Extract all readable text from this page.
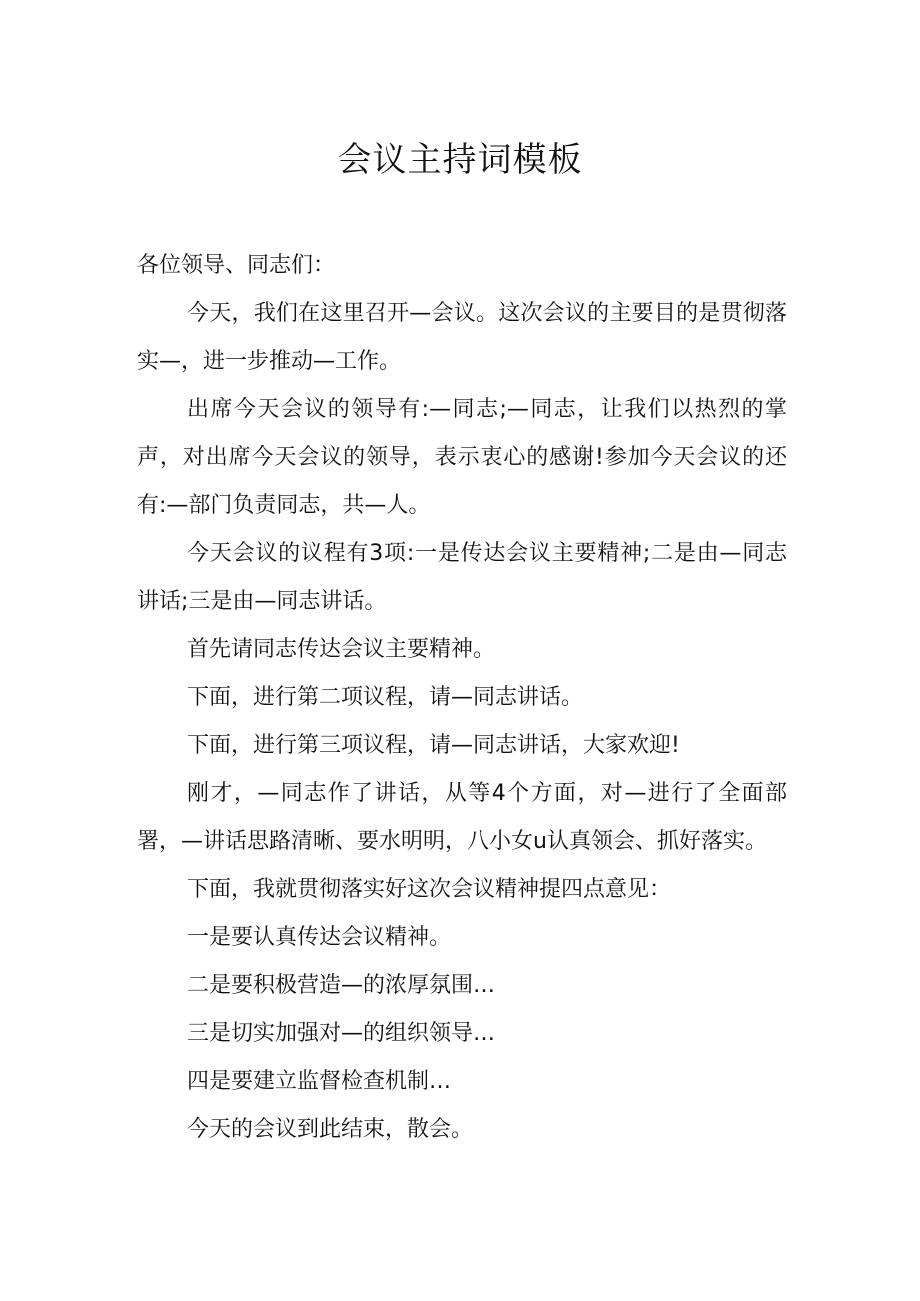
会议主持词模板

各位领导、同志们：

今天，我们在这里召开—会议。这次会议的主要目的是贯彻落实—，进一步推动—工作。

出席今天会议的领导有:—同志;—同志，让我们以热烈的掌声，对出席今天会议的领导，表示衷心的感谢!参加今天会议的还有:—部门负责同志，共—人。

今天会议的议程有3项:一是传达会议主要精神;二是由—同志讲话;三是由—同志讲话。

首先请同志传达会议主要精神。

下面，进行第二项议程，请—同志讲话。

下面，进行第三项议程，请—同志讲话，大家欢迎!

刚才，—同志作了讲话，从等4个方面，对—进行了全面部署，—讲话思路清晰、要水明明，八小女u认真领会、抓好落实。

下面，我就贯彻落实好这次会议精神提四点意见：

一是要认真传达会议精神。

二是要积极营造—的浓厚氛围…

三是切实加强对—的组织领导…

四是要建立监督检查机制…

今天的会议到此结束，散会。
